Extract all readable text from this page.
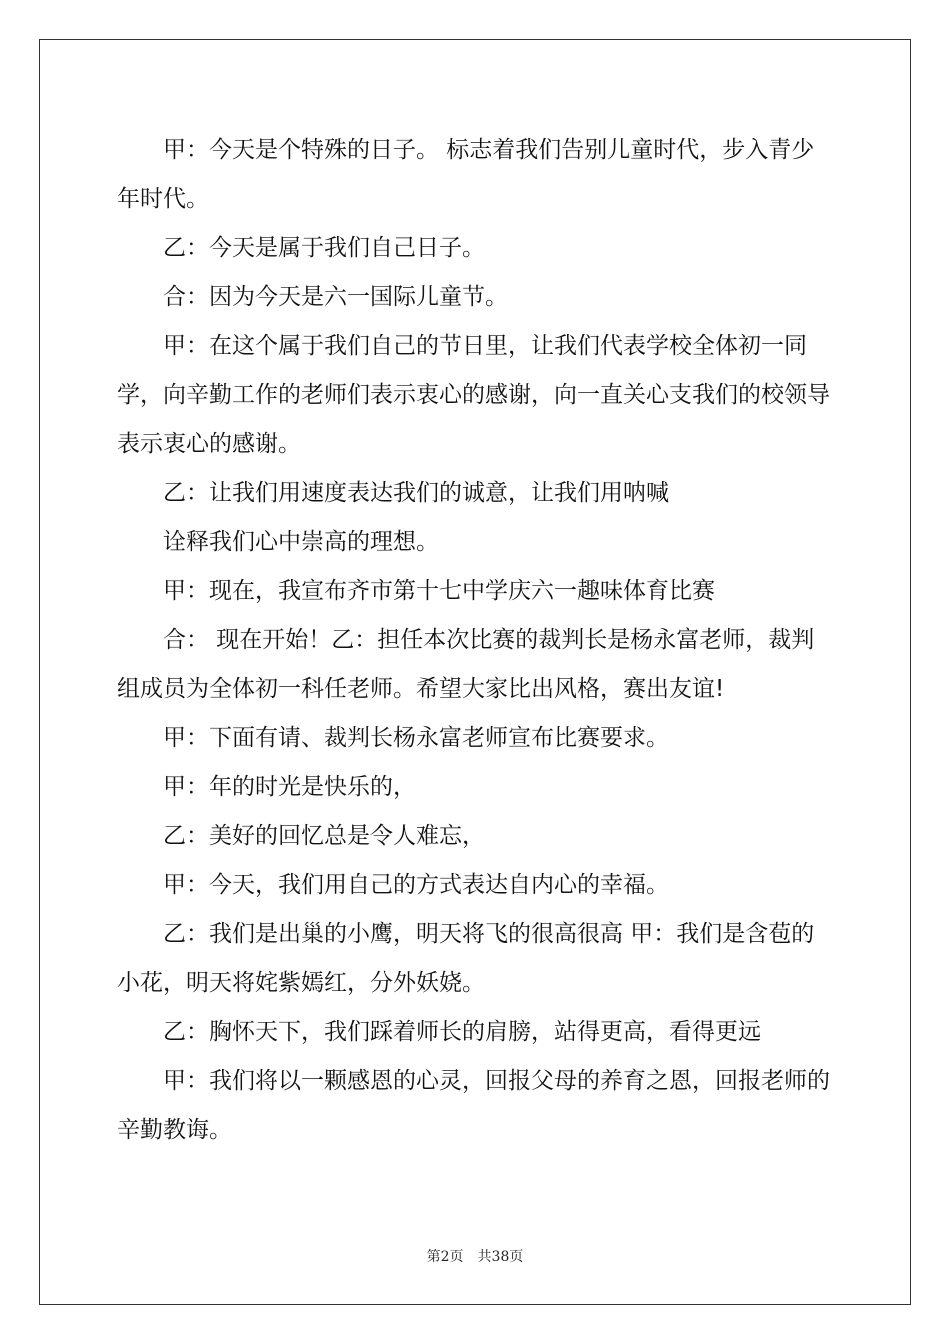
甲：今天是个特殊的日子。 标志着我们告别儿童时代，步入青少年时代。

乙：今天是属于我们自己日子。

合：因为今天是六一国际儿童节。

甲：在这个属于我们自己的节日里，让我们代表学校全体初一同学，向辛勤工作的老师们表示衷心的感谢，向一直关心支我们的校领导表示衷心的感谢。

乙：让我们用速度表达我们的诚意，让我们用呐喊

诠释我们心中崇高的理想。

甲：现在，我宣布齐市第十七中学庆六一趣味体育比赛

合： 现在开始！乙：担任本次比赛的裁判长是杨永富老师，裁判组成员为全体初一科任老师。希望大家比出风格，赛出友谊!

甲：下面有请、裁判长杨永富老师宣布比赛要求。

甲：年的时光是快乐的，

乙：美好的回忆总是令人难忘，

甲：今天，我们用自己的方式表达自内心的幸福。

乙：我们是出巢的小鹰，明天将飞的很高很高 甲：我们是含苞的小花，明天将姹紫嫣红，分外妖娆。

乙：胸怀天下，我们踩着师长的肩膀，站得更高，看得更远

甲：我们将以一颗感恩的心灵，回报父母的养育之恩，回报老师的辛勤教诲。

第2页　共38页
